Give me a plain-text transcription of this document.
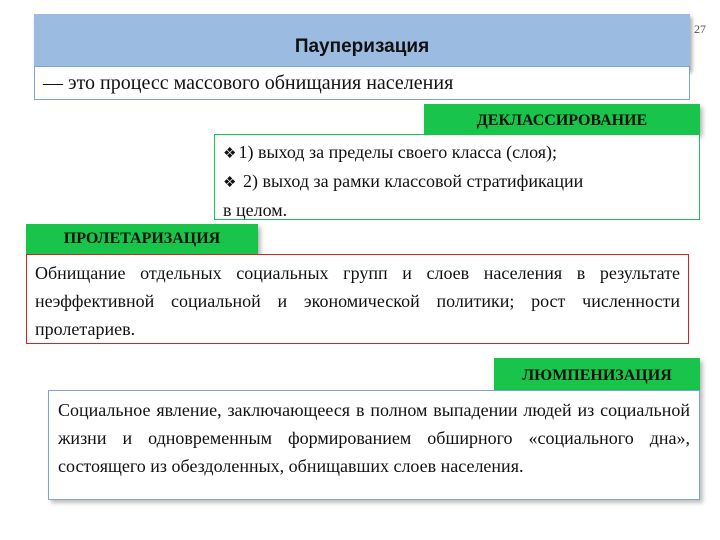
27
Пауперизация
— это процесс массового обнищания населения
ДЕКЛАССИРОВАНИЕ
❖ 1) выход за пределы своего класса (слоя);
❖ 2) выход за рамки классовой стратификации
в целом.
ПРОЛЕТАРИЗАЦИЯ
Обнищание отдельных социальных групп и слоев населения в результате неэффективной социальной и экономической политики; рост численности пролетариев.
ЛЮМПЕНИЗАЦИЯ
Социальное явление, заключающееся в полном выпадении людей из социальной жизни и одновременным формированием обширного «социального дна», состоящего из обездоленных, обнищавших слоев населения.
